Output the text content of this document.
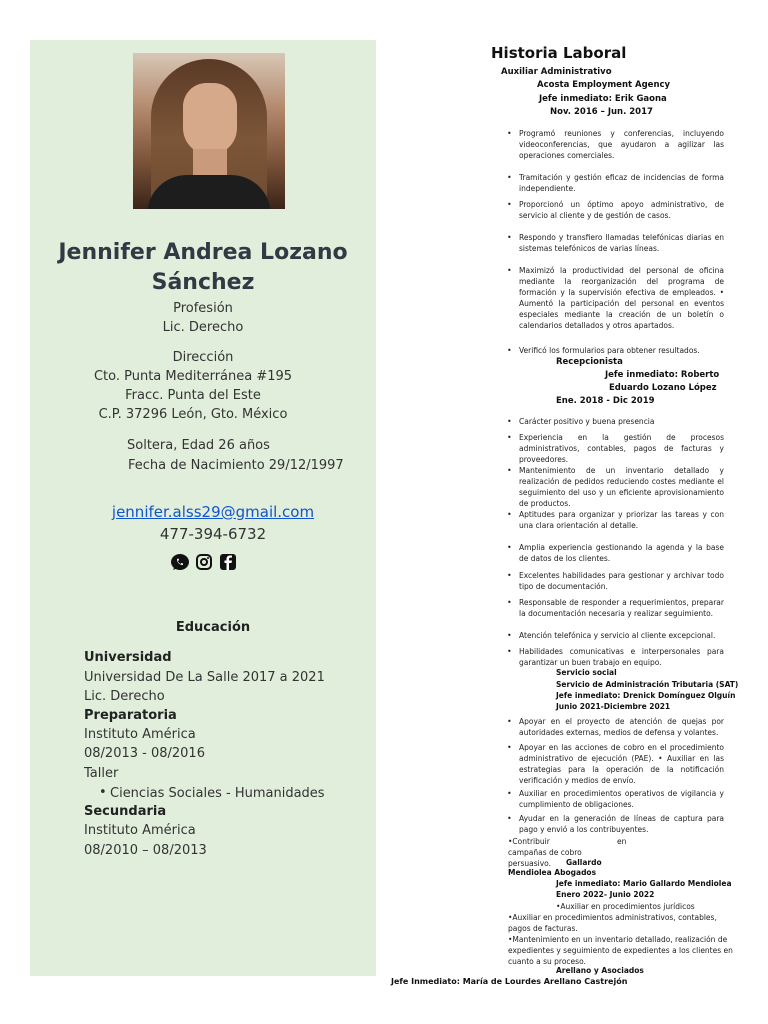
Jennifer Andrea Lozano
Sánchez
Profesión
Lic. Derecho
Dirección
Cto. Punta Mediterránea #195
Fracc. Punta del Este
C.P. 37296 León, Gto. México
Soltera, Edad 26 años
Fecha de Nacimiento 29/12/1997
jennifer.alss29@gmail.com
477-394-6732
Educación
Universidad
Universidad De La Salle 2017 a 2021
Lic. Derecho
Preparatoria
Instituto América
08/2013 - 08/2016
Taller
• Ciencias Sociales - Humanidades
Secundaria
Instituto América
08/2010 – 08/2013
Historia Laboral
Auxiliar Administrativo
Acosta Employment Agency
Jefe inmediato: Erik Gaona
Nov. 2016 – Jun. 2017
• Programó reuniones y conferencias, incluyendo videoconferencias, que ayudaron a agilizar las operaciones comerciales.
• Tramitación y gestión eficaz de incidencias de forma independiente.
• Proporcionó un óptimo apoyo administrativo, de servicio al cliente y de gestión de casos.
• Respondo y transfiero llamadas telefónicas diarias en sistemas telefónicos de varias líneas.
• Maximizó la productividad del personal de oficina mediante la reorganización del programa de formación y la supervisión efectiva de empleados. • Aumentó la participación del personal en eventos especiales mediante la creación de un boletín o calendarios detallados y otros apartados.
• Verificó los formularios para obtener resultados.
Recepcionista
Jefe inmediato: Roberto
Eduardo Lozano López
Ene. 2018 - Dic 2019
• Carácter positivo y buena presencia
• Experiencia en la gestión de procesos administrativos, contables, pagos de facturas y proveedores.
• Mantenimiento de un inventario detallado y realización de pedidos reduciendo costes mediante el seguimiento del uso y un eficiente aprovisionamiento de productos.
• Aptitudes para organizar y priorizar las tareas y con una clara orientación al detalle.
• Amplia experiencia gestionando la agenda y la base de datos de los clientes.
• Excelentes habilidades para gestionar y archivar todo tipo de documentación.
• Responsable de responder a requerimientos, preparar la documentación necesaria y realizar seguimiento.
• Atención telefónica y servicio al cliente excepcional.
• Habilidades comunicativas e interpersonales para garantizar un buen trabajo en equipo.
Servicio social
Servicio de Administración Tributaria (SAT)
Jefe inmediato: Drenick Domínguez Olguín
Junio 2021-Diciembre 2021
• Apoyar en el proyecto de atención de quejas por autoridades externas, medios de defensa y volantes.
• Apoyar en las acciones de cobro en el procedimiento administrativo de ejecución (PAE). • Auxiliar en las estrategias para la operación de la notificación verificación y medios de envío.
• Auxiliar en procedimientos operativos de vigilancia y cumplimiento de obligaciones.
• Ayudar en la generación de líneas de captura para pago y envió a los contribuyentes.
•Contribuir	en
campañas de cobro
persuasivo. Gallardo
Mendiolea Abogados
Jefe inmediato: Mario Gallardo Mendiolea
Enero 2022- Junio 2022
•Auxiliar en procedimientos jurídicos
•Auxiliar en procedimientos administrativos, contables,
pagos de facturas.
•Mantenimiento en un inventario detallado, realización de
expedientes y seguimiento de expedientes a los clientes en
cuanto a su proceso.
Arellano y Asociados
Jefe Inmediato: María de Lourdes Arellano Castrejón
